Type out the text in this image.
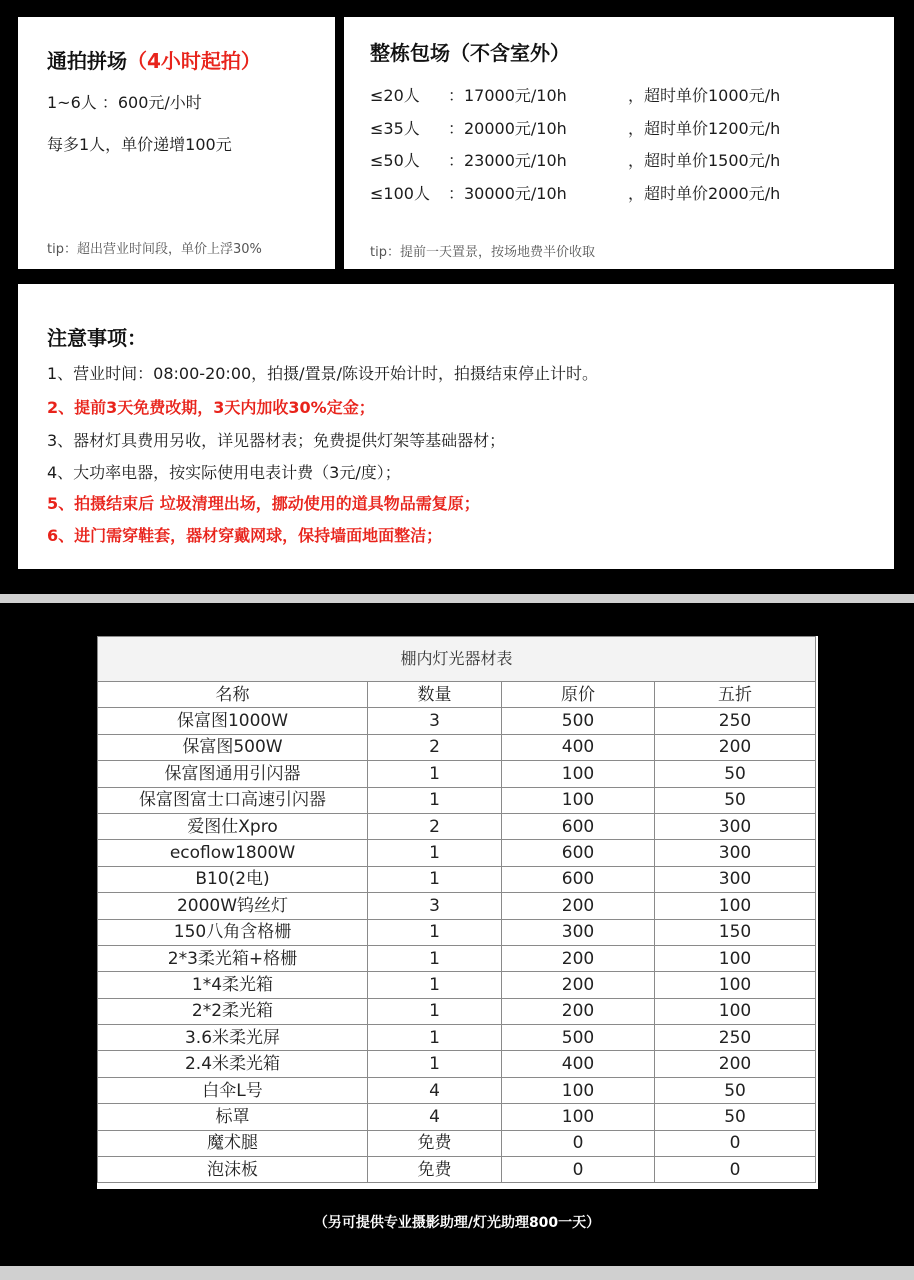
通拍拼场（4小时起拍）
1~6人 ：600元/小时
每多1人，单价递增100元
tip：超出营业时间段，单价上浮30%
整栋包场（不含室外）
≤20人 ：17000元/10h	，超时单价1000元/h
≤35人 ：20000元/10h	，超时单价1200元/h
≤50人 ：23000元/10h	，超时单价1500元/h
≤100人 ：30000元/10h	，超时单价2000元/h
tip：提前一天置景，按场地费半价收取
注意事项：
1、营业时间：08:00-20:00，拍摄/置景/陈设开始计时，拍摄结束停止计时。
2、提前3天免费改期，3天内加收30%定金；
3、器材灯具费用另收，详见器材表；免费提供灯架等基础器材；
4、大功率电器，按实际使用电表计费（3元/度）；
5、拍摄结束后 垃圾清理出场，挪动使用的道具物品需复原；
6、进门需穿鞋套，器材穿戴网球，保持墙面地面整洁；
棚内灯光器材表			
名称	数量	原价	五折
保富图1000W	3	500	250
保富图500W	2	400	200
保富图通用引闪器	1	100	50
保富图富士口高速引闪器	1	100	50
爱图仕Xpro	2	600	300
ecoflow1800W	1	600	300
B10(2电)	1	600	300
2000W钨丝灯	3	200	100
150八角含格栅	1	300	150
2*3柔光箱+格栅	1	200	100
1*4柔光箱	1	200	100
2*2柔光箱	1	200	100
3.6米柔光屏	1	500	250
2.4米柔光箱	1	400	200
白伞L号	4	100	50
标罩	4	100	50
魔术腿	免费	0	0
泡沫板	免费	0	0
（另可提供专业摄影助理/灯光助理800一天）
